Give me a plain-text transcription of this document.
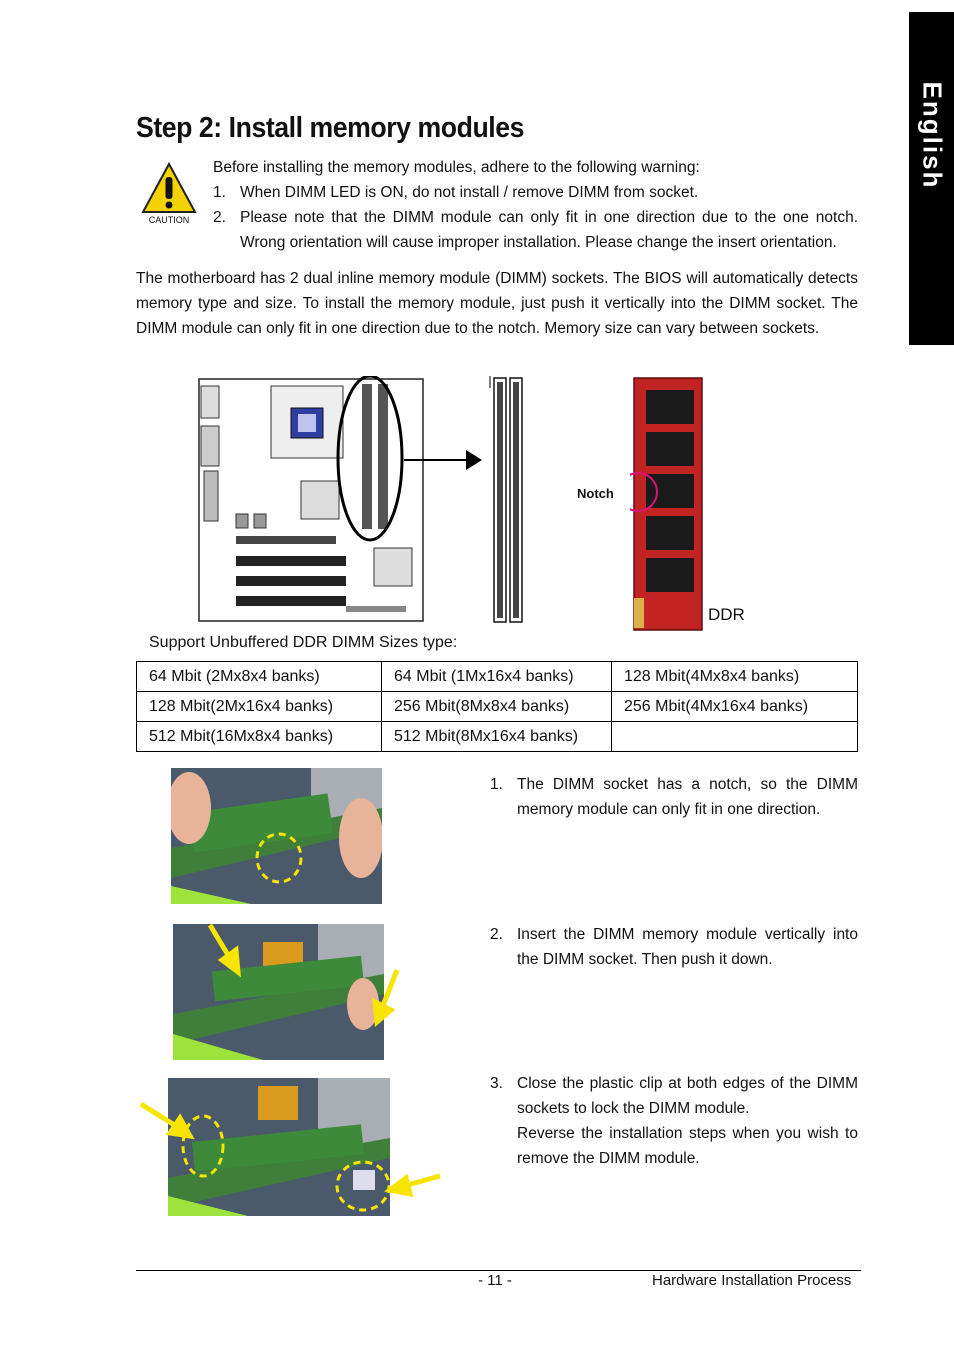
English
Step 2: Install memory modules
CAUTION
Before installing the memory modules, adhere to the following warning:
1. When DIMM LED is ON, do not install / remove DIMM from socket.
2. Please note that the DIMM module can only fit in one direction due to the one notch. Wrong orientation will cause improper installation. Please change the insert orientation.
The motherboard has 2 dual inline memory module (DIMM) sockets. The BIOS will automatically detects memory type and size. To install the memory module, just push it vertically into the DIMM socket. The DIMM module can only fit in one direction due to the notch. Memory size can vary between sockets.
Notch
DDR
Support Unbuffered DDR DIMM Sizes type:
64 Mbit (2Mx8x4 banks)	64 Mbit (1Mx16x4 banks)	128 Mbit(4Mx8x4 banks)
128 Mbit(2Mx16x4 banks)	256 Mbit(8Mx8x4 banks)	256 Mbit(4Mx16x4 banks)
512 Mbit(16Mx8x4 banks)	512 Mbit(8Mx16x4 banks)	
1. The DIMM socket has a notch, so the DIMM memory module can only fit in one direction.
2. Insert the DIMM memory module vertically into the DIMM socket. Then push it down.
3. Close the plastic clip at both edges of the DIMM sockets to lock the DIMM module.
Reverse the installation steps when you wish to remove the DIMM module.
- 11 -	Hardware Installation Process
